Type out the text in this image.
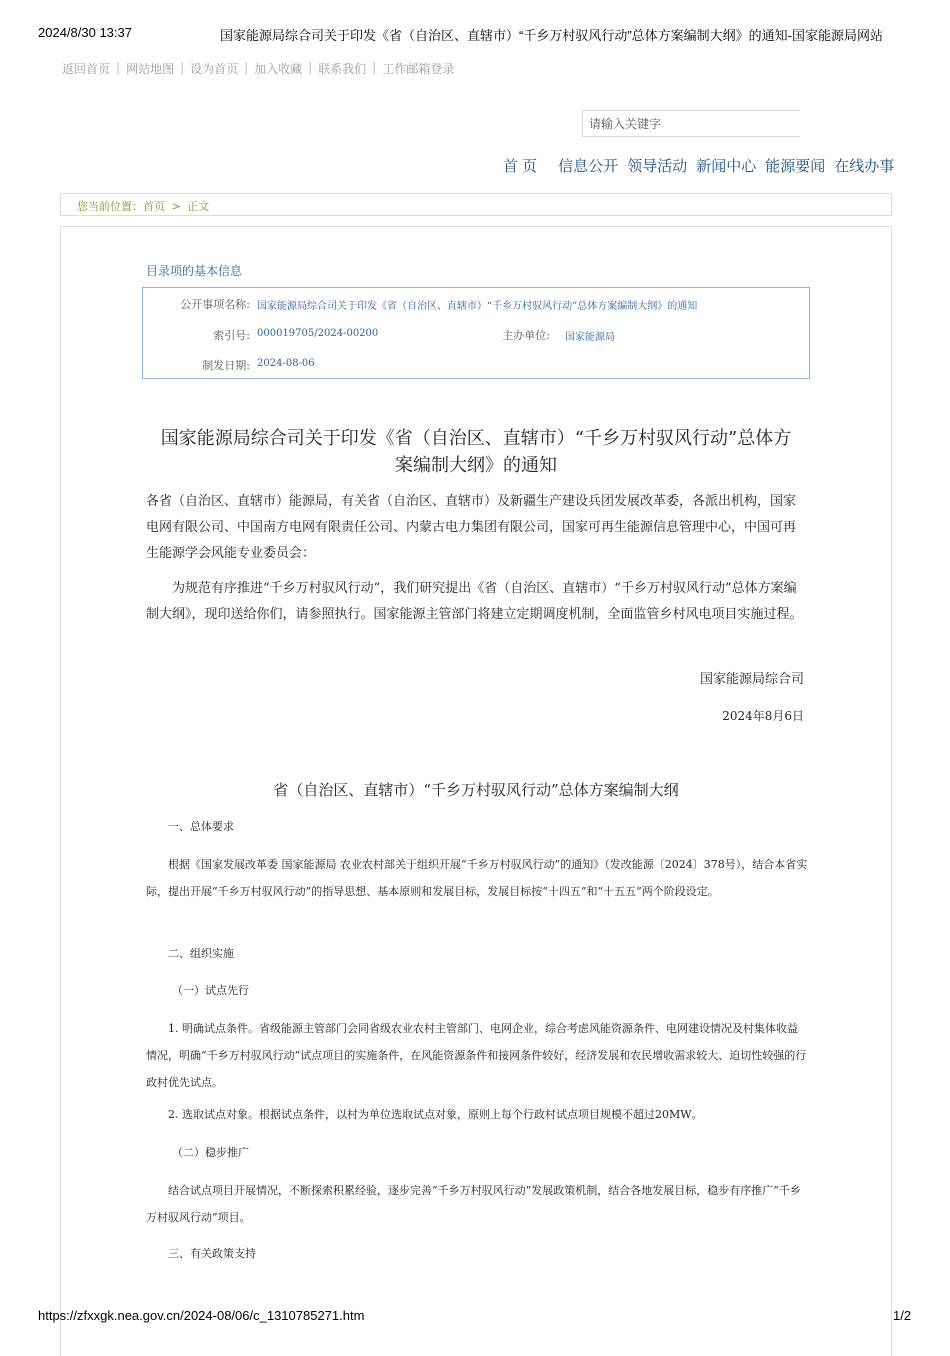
2024/8/30 13:37	国家能源局综合司关于印发《省（自治区、直辖市）“千乡万村驭风行动”总体方案编制大纲》的通知-国家能源局网站
返回首页 | 网站地图 | 设为首页 | 加入收藏 | 联系我们 | 工作邮箱登录
请输入关键字
首 页 信息公开 领导活动 新闻中心 能源要闻 在线办事
您当前位置：首页 > 正文
目录项的基本信息
公开事项名称: 国家能源局综合司关于印发《省（自治区、直辖市）“千乡万村驭风行动”总体方案编制大纲》的通知
索引号: 000019705/2024-00200	主办单位: 国家能源局
制发日期: 2024-08-06
国家能源局综合司关于印发《省（自治区、直辖市）“千乡万村驭风行动”总体方
案编制大纲》的通知
各省（自治区、直辖市）能源局，有关省（自治区、直辖市）及新疆生产建设兵团发展改革委，各派出机构，国家电网有限公司、中国南方电网有限责任公司、内蒙古电力集团有限公司，国家可再生能源信息管理中心，中国可再生能源学会风能专业委员会：
为规范有序推进“千乡万村驭风行动”，我们研究提出《省（自治区、直辖市）“千乡万村驭风行动”总体方案编制大纲》，现印送给你们，请参照执行。国家能源主管部门将建立定期调度机制，全面监管乡村风电项目实施过程。
国家能源局综合司
2024年8月6日
省（自治区、直辖市）“千乡万村驭风行动”总体方案编制大纲
一、总体要求
根据《国家发展改革委 国家能源局 农业农村部关于组织开展“千乡万村驭风行动”的通知》（发改能源〔2024〕378号），结合本省实际，提出开展“千乡万村驭风行动”的指导思想、基本原则和发展目标，发展目标按“十四五”和“十五五”两个阶段设定。
二、组织实施
（一）试点先行
1. 明确试点条件。省级能源主管部门会同省级农业农村主管部门、电网企业，综合考虑风能资源条件、电网建设情况及村集体收益情况，明确“千乡万村驭风行动”试点项目的实施条件，在风能资源条件和接网条件较好，经济发展和农民增收需求较大、迫切性较强的行政村优先试点。
2. 选取试点对象。根据试点条件，以村为单位选取试点对象，原则上每个行政村试点项目规模不超过20MW。
（二）稳步推广
结合试点项目开展情况，不断探索积累经验，逐步完善“千乡万村驭风行动”发展政策机制，结合各地发展目标，稳步有序推广“千乡万村驭风行动”项目。
三、有关政策支持
https://zfxxgk.nea.gov.cn/2024-08/06/c_1310785271.htm	1/2
